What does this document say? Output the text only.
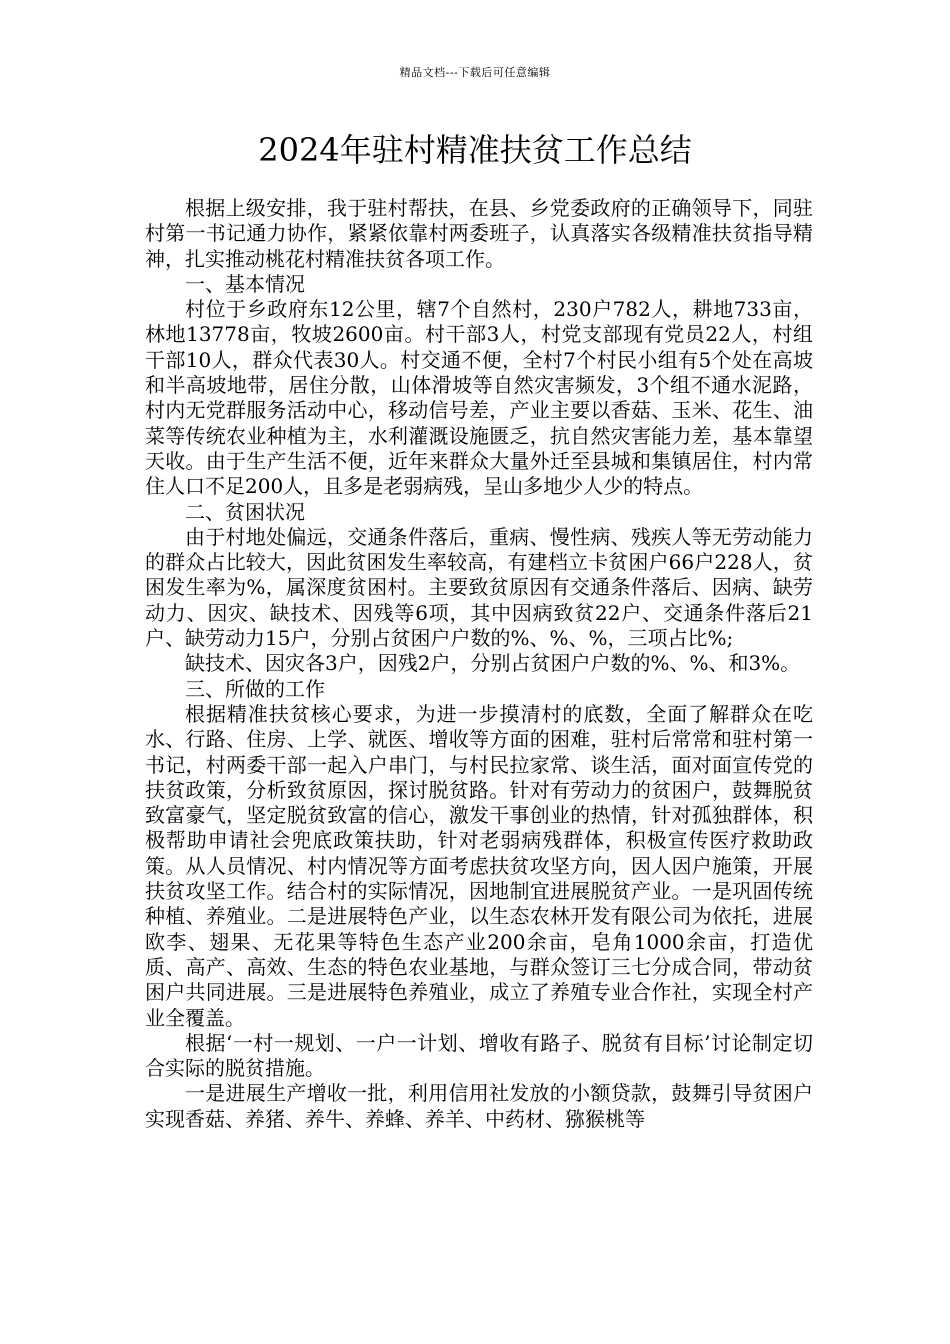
精品文档---下载后可任意编辑
2024年驻村精准扶贫工作总结

根据上级安排，我于驻村帮扶，在县、乡党委政府的正确领导下，同驻村第一书记通力协作，紧紧依靠村两委班子，认真落实各级精准扶贫指导精神，扎实推动桃花村精准扶贫各项工作。

一、基本情况

村位于乡政府东12公里，辖7个自然村，230户782人，耕地733亩，林地13778亩，牧坡2600亩。村干部3人，村党支部现有党员22人，村组干部10人，群众代表30人。村交通不便，全村7个村民小组有5个处在高坡和半高坡地带，居住分散，山体滑坡等自然灾害频发，3个组不通水泥路，村内无党群服务活动中心，移动信号差，产业主要以香菇、玉米、花生、油菜等传统农业种植为主，水利灌溉设施匮乏，抗自然灾害能力差，基本靠望天收。由于生产生活不便，近年来群众大量外迁至县城和集镇居住，村内常住人口不足200人，且多是老弱病残，呈山多地少人少的特点。

二、贫困状况

由于村地处偏远，交通条件落后，重病、慢性病、残疾人等无劳动能力的群众占比较大，因此贫困发生率较高，有建档立卡贫困户66户228人，贫困发生率为%，属深度贫困村。主要致贫原因有交通条件落后、因病、缺劳动力、因灾、缺技术、因残等6项，其中因病致贫22户、交通条件落后21户、缺劳动力15户，分别占贫困户户数的%、%、%，三项占比%;

缺技术、因灾各3户，因残2户，分别占贫困户户数的%、%、和3%。

三、所做的工作

根据精准扶贫核心要求，为进一步摸清村的底数，全面了解群众在吃水、行路、住房、上学、就医、增收等方面的困难，驻村后常常和驻村第一书记，村两委干部一起入户串门，与村民拉家常、谈生活，面对面宣传党的扶贫政策，分析致贫原因，探讨脱贫路。针对有劳动力的贫困户，鼓舞脱贫致富豪气，坚定脱贫致富的信心，激发干事创业的热情，针对孤独群体，积极帮助申请社会兜底政策扶助，针对老弱病残群体，积极宣传医疗救助政策。从人员情况、村内情况等方面考虑扶贫攻坚方向，因人因户施策，开展扶贫攻坚工作。结合村的实际情况，因地制宜进展脱贫产业。一是巩固传统种植、养殖业。二是进展特色产业，以生态农林开发有限公司为依托，进展欧李、翅果、无花果等特色生态产业200余亩，皂角1000余亩，打造优质、高产、高效、生态的特色农业基地，与群众签订三七分成合同，带动贫困户共同进展。三是进展特色养殖业，成立了养殖专业合作社，实现全村产业全覆盖。

根据‘一村一规划、一户一计划、增收有路子、脱贫有目标’讨论制定切合实际的脱贫措施。

一是进展生产增收一批，利用信用社发放的小额贷款，鼓舞引导贫困户实现香菇、养猪、养牛、养蜂、养羊、中药材、猕猴桃等
